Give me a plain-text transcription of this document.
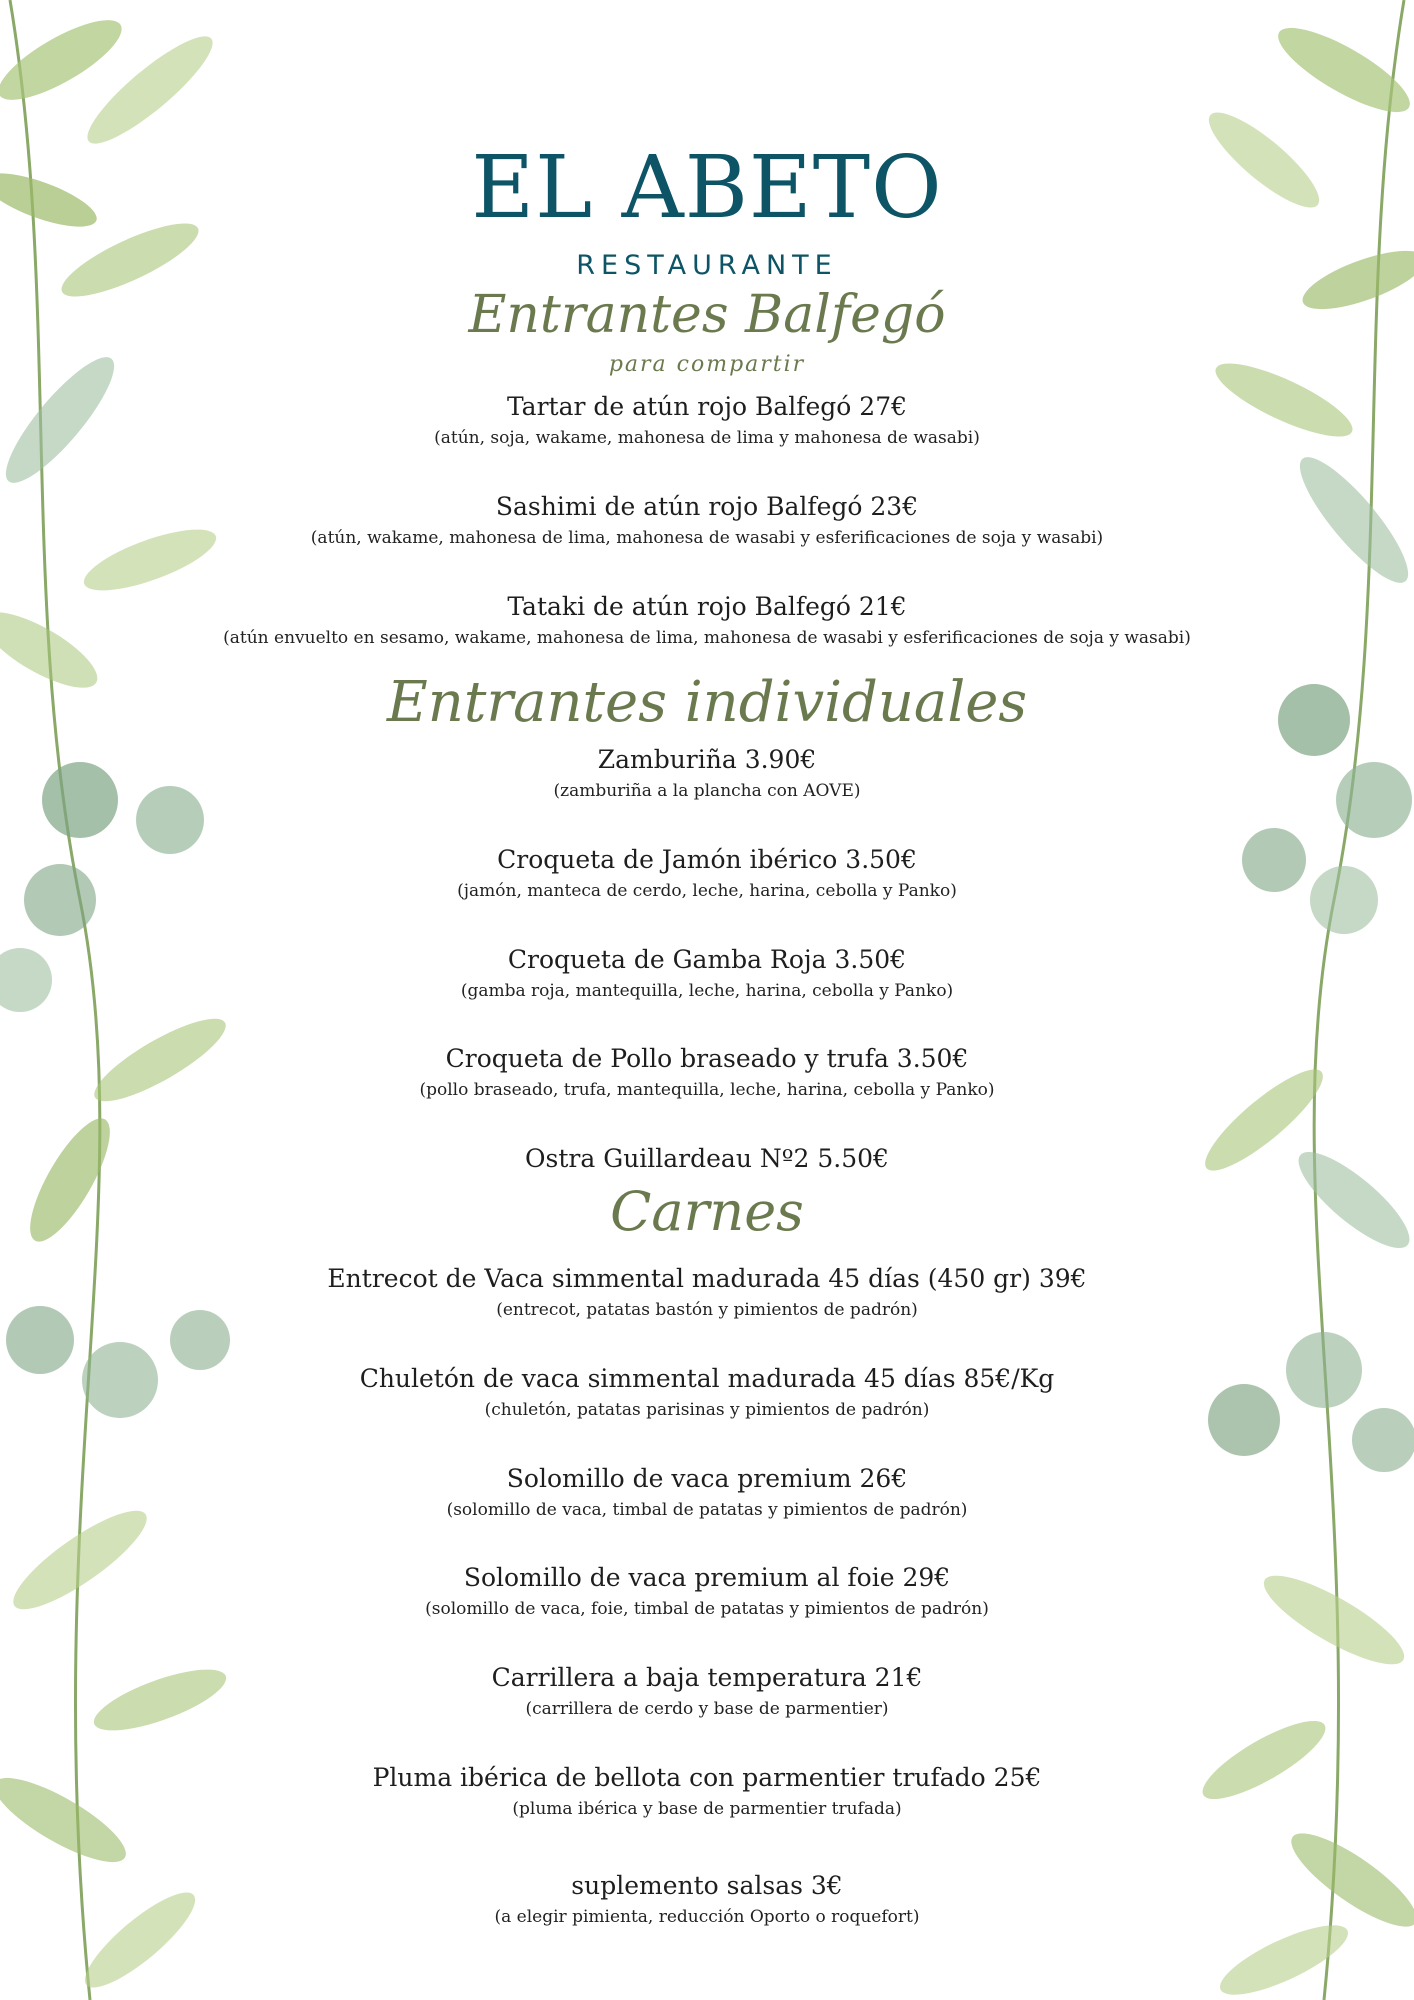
EL ABETO
RESTAURANTE
Entrantes Balfegó
para compartir
Tartar de atún rojo Balfegó 27€
(atún, soja, wakame, mahonesa de lima y mahonesa de wasabi)
Sashimi de atún rojo Balfegó 23€
(atún, wakame, mahonesa de lima, mahonesa de wasabi y esferificaciones de soja y wasabi)
Tataki de atún rojo Balfegó 21€
(atún envuelto en sesamo, wakame, mahonesa de lima, mahonesa de wasabi y esferificaciones de soja y wasabi)
Entrantes individuales
Zamburiña 3.90€
(zamburiña a la plancha con AOVE)
Croqueta de Jamón ibérico 3.50€
(jamón, manteca de cerdo, leche, harina, cebolla y Panko)
Croqueta de Gamba Roja 3.50€
(gamba roja, mantequilla, leche, harina, cebolla y Panko)
Croqueta de Pollo braseado y trufa 3.50€
(pollo braseado, trufa, mantequilla, leche, harina, cebolla y Panko)
Ostra Guillardeau Nº2 5.50€
Carnes
Entrecot de Vaca simmental madurada 45 días (450 gr) 39€
(entrecot, patatas bastón y pimientos de padrón)
Chuletón de vaca simmental madurada 45 días 85€/Kg
(chuletón, patatas parisinas y pimientos de padrón)
Solomillo de vaca premium 26€
(solomillo de vaca, timbal de patatas y pimientos de padrón)
Solomillo de vaca premium al foie 29€
(solomillo de vaca, foie, timbal de patatas y pimientos de padrón)
Carrillera a baja temperatura 21€
(carrillera de cerdo y base de parmentier)
Pluma ibérica de bellota con parmentier trufado 25€
(pluma ibérica y base de parmentier trufada)
suplemento salsas 3€
(a elegir pimienta, reducción Oporto o roquefort)
